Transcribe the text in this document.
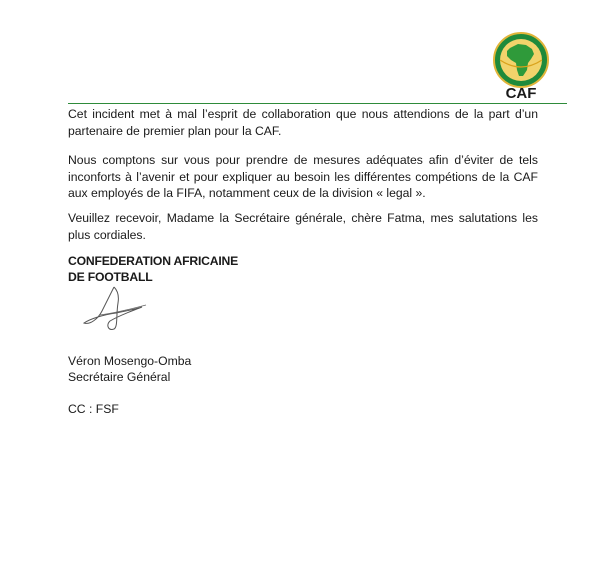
CAF
Cet incident met à mal l’esprit de collaboration que nous attendions de la part d’un partenaire de premier plan pour la CAF.
Nous comptons sur vous pour prendre de mesures adéquates afin d’éviter de tels inconforts à l’avenir et pour expliquer au besoin les différentes compétions de la CAF aux employés de la FIFA, notamment ceux de la division « legal ».
Veuillez recevoir, Madame la Secrétaire générale, chère Fatma, mes salutations les plus cordiales.
CONFEDERATION AFRICAINE
DE FOOTBALL
Véron Mosengo-Omba
Secrétaire Général
CC : FSF
